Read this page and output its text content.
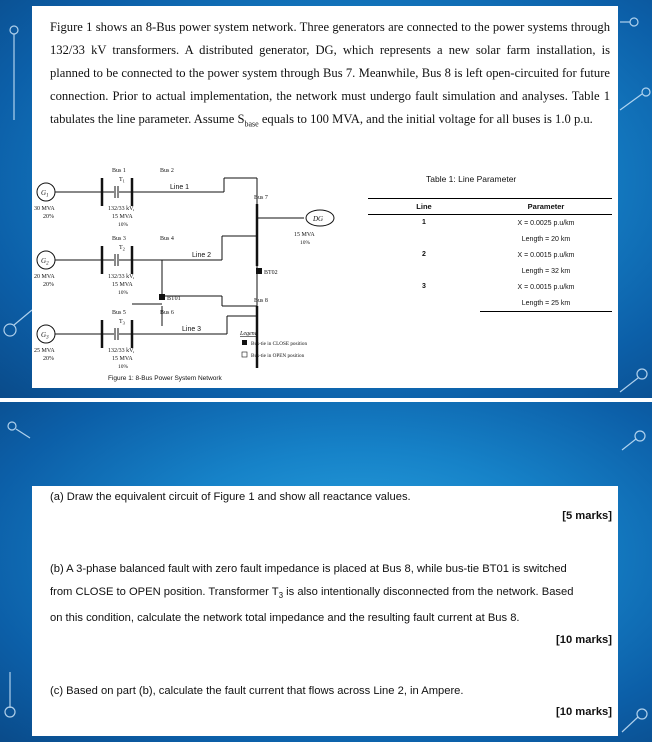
Figure 1 shows an 8-Bus power system network. Three generators are connected to the power systems through 132/33 kV transformers. A distributed generator, DG, which represents a new solar farm installation, is planned to be connected to the power system through Bus 7. Meanwhile, Bus 8 is left open-circuited for future connection. Prior to actual implementation, the network must undergo fault simulation and analyses. Table 1 tabulates the line parameter. Assume $S_{base}$ equals to 100 MVA, and the initial voltage for all buses is 1.0 p.u.

Bus 1	Bus 2
$T_1$
$G_1$
30 MVA
20%
132/33 kV,
15 MVA
10%
Line 1
Bus 7
DG
15 MVA
10%
Bus 3	Bus 4
$T_2$
$G_2$
20 MVA
20%
132/33 kV,
15 MVA
10%
Line 2
BT02
BT01
Bus 5	Bus 6
Bus 8
$T_3$
$G_3$
25 MVA
20%
132/33 kV,
15 MVA
10%
Line 3
Legend
Bus-tie in CLOSE position
Bus-tie in OPEN position
Figure 1: 8-Bus Power System Network
Table 1: Line Parameter
Line	Parameter
1	X = 0.0025 p.u/km
	Length = 20 km
2	X = 0.0015 p.u/km
	Length = 32 km
3	X = 0.0015 p.u/km
	Length = 25 km

(a) Draw the equivalent circuit of Figure 1 and show all reactance values.

[5 marks]

(b) A 3-phase balanced fault with zero fault impedance is placed at Bus 8, while bus-tie BT01 is switched
from CLOSE to OPEN position. Transformer $T_3$ is also intentionally disconnected from the network. Based
on this condition, calculate the network total impedance and the resulting fault current at Bus 8.

[10 marks]

(c) Based on part (b), calculate the fault current that flows across Line 2, in Ampere.

[10 marks]
